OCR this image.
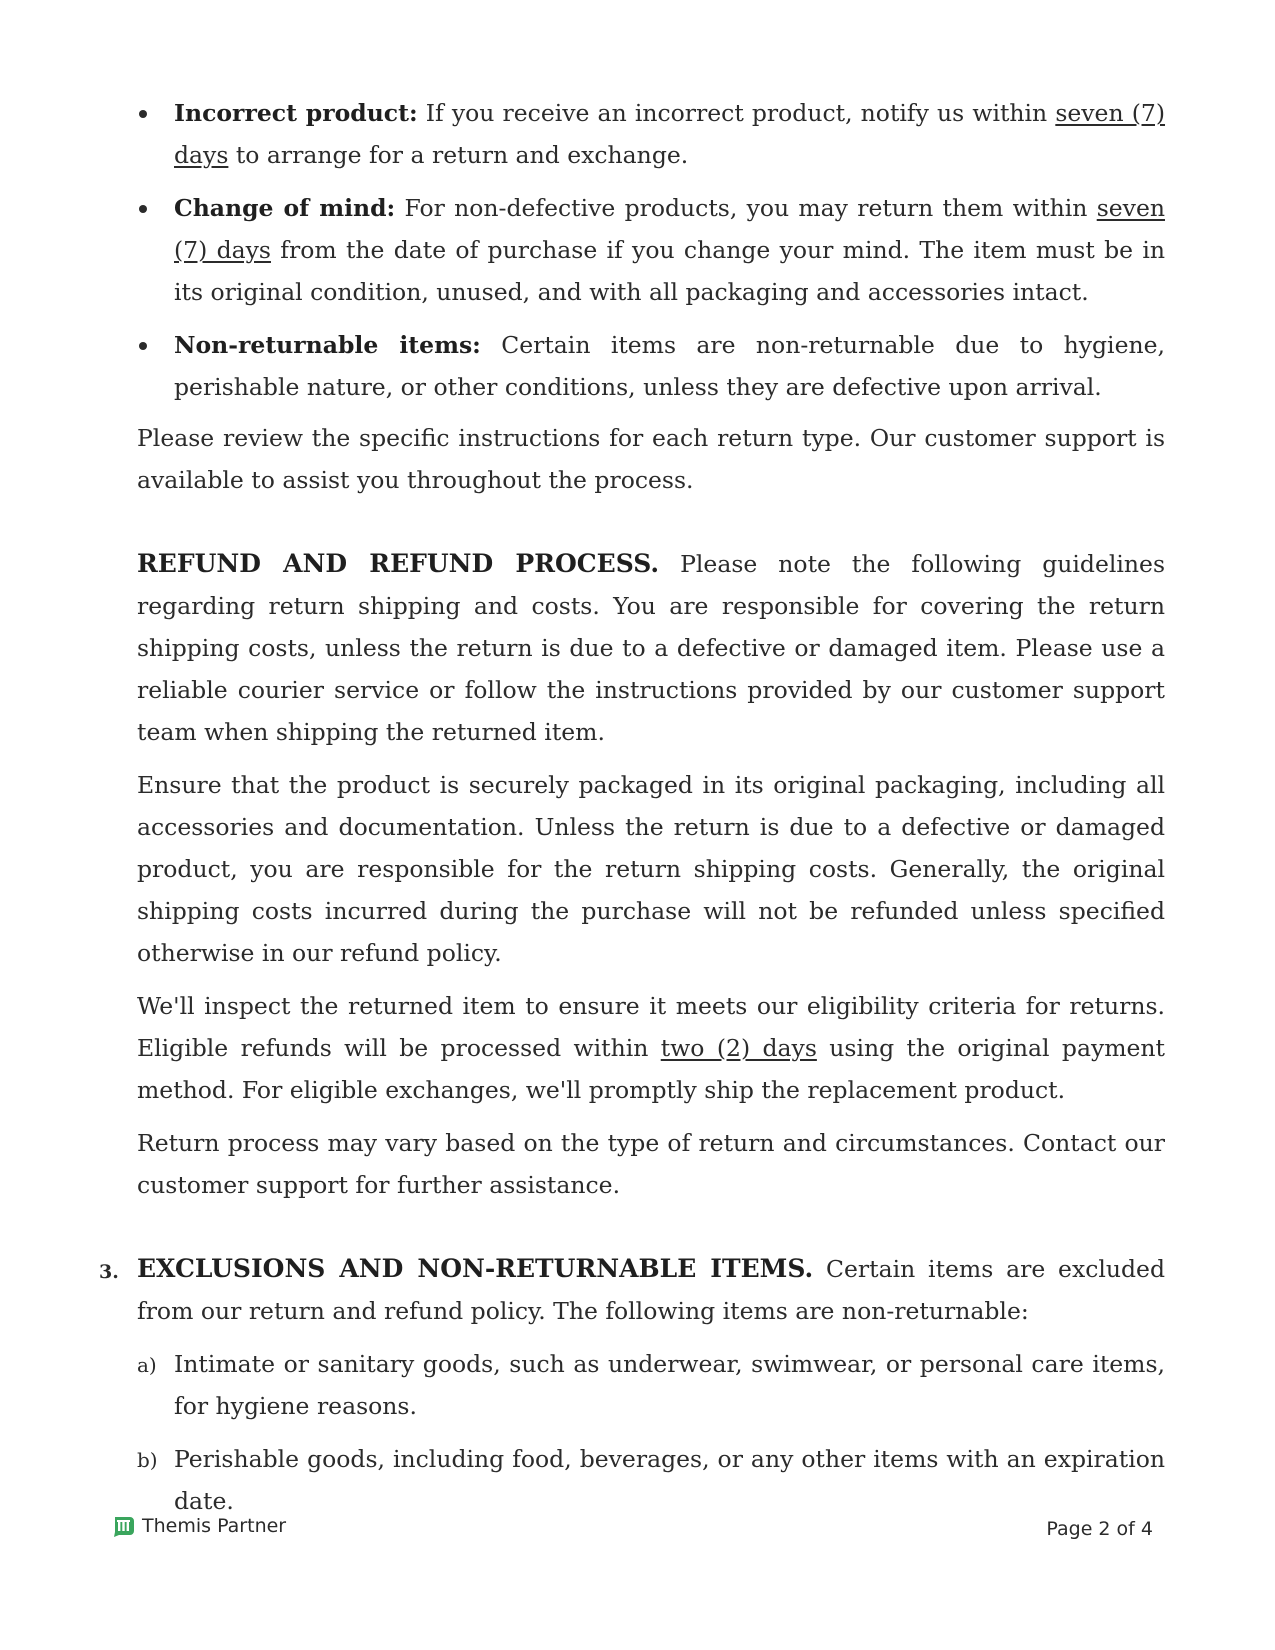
Incorrect product: If you receive an incorrect product, notify us within seven (7) days to arrange for a return and exchange.
Change of mind: For non-defective products, you may return them within seven (7) days from the date of purchase if you change your mind. The item must be in its original condition, unused, and with all packaging and accessories intact.
Non-returnable items: Certain items are non-returnable due to hygiene, perishable nature, or other conditions, unless they are defective upon arrival.

Please review the specific instructions for each return type. Our customer support is available to assist you throughout the process.

REFUND AND REFUND PROCESS. Please note the following guidelines regarding return shipping and costs. You are responsible for covering the return shipping costs, unless the return is due to a defective or damaged item. Please use a reliable courier service or follow the instructions provided by our customer support team when shipping the returned item.

Ensure that the product is securely packaged in its original packaging, including all accessories and documentation. Unless the return is due to a defective or damaged product, you are responsible for the return shipping costs. Generally, the original shipping costs incurred during the purchase will not be refunded unless specified otherwise in our refund policy.

We'll inspect the returned item to ensure it meets our eligibility criteria for returns. Eligible refunds will be processed within two (2) days using the original payment method. For eligible exchanges, we'll promptly ship the replacement product.

Return process may vary based on the type of return and circumstances. Contact our customer support for further assistance.

3. EXCLUSIONS AND NON-RETURNABLE ITEMS. Certain items are excluded from our return and refund policy. The following items are non-returnable:

a) Intimate or sanitary goods, such as underwear, swimwear, or personal care items, for hygiene reasons.
b) Perishable goods, including food, beverages, or any other items with an expiration date.
Themis Partner	Page 2 of 4
